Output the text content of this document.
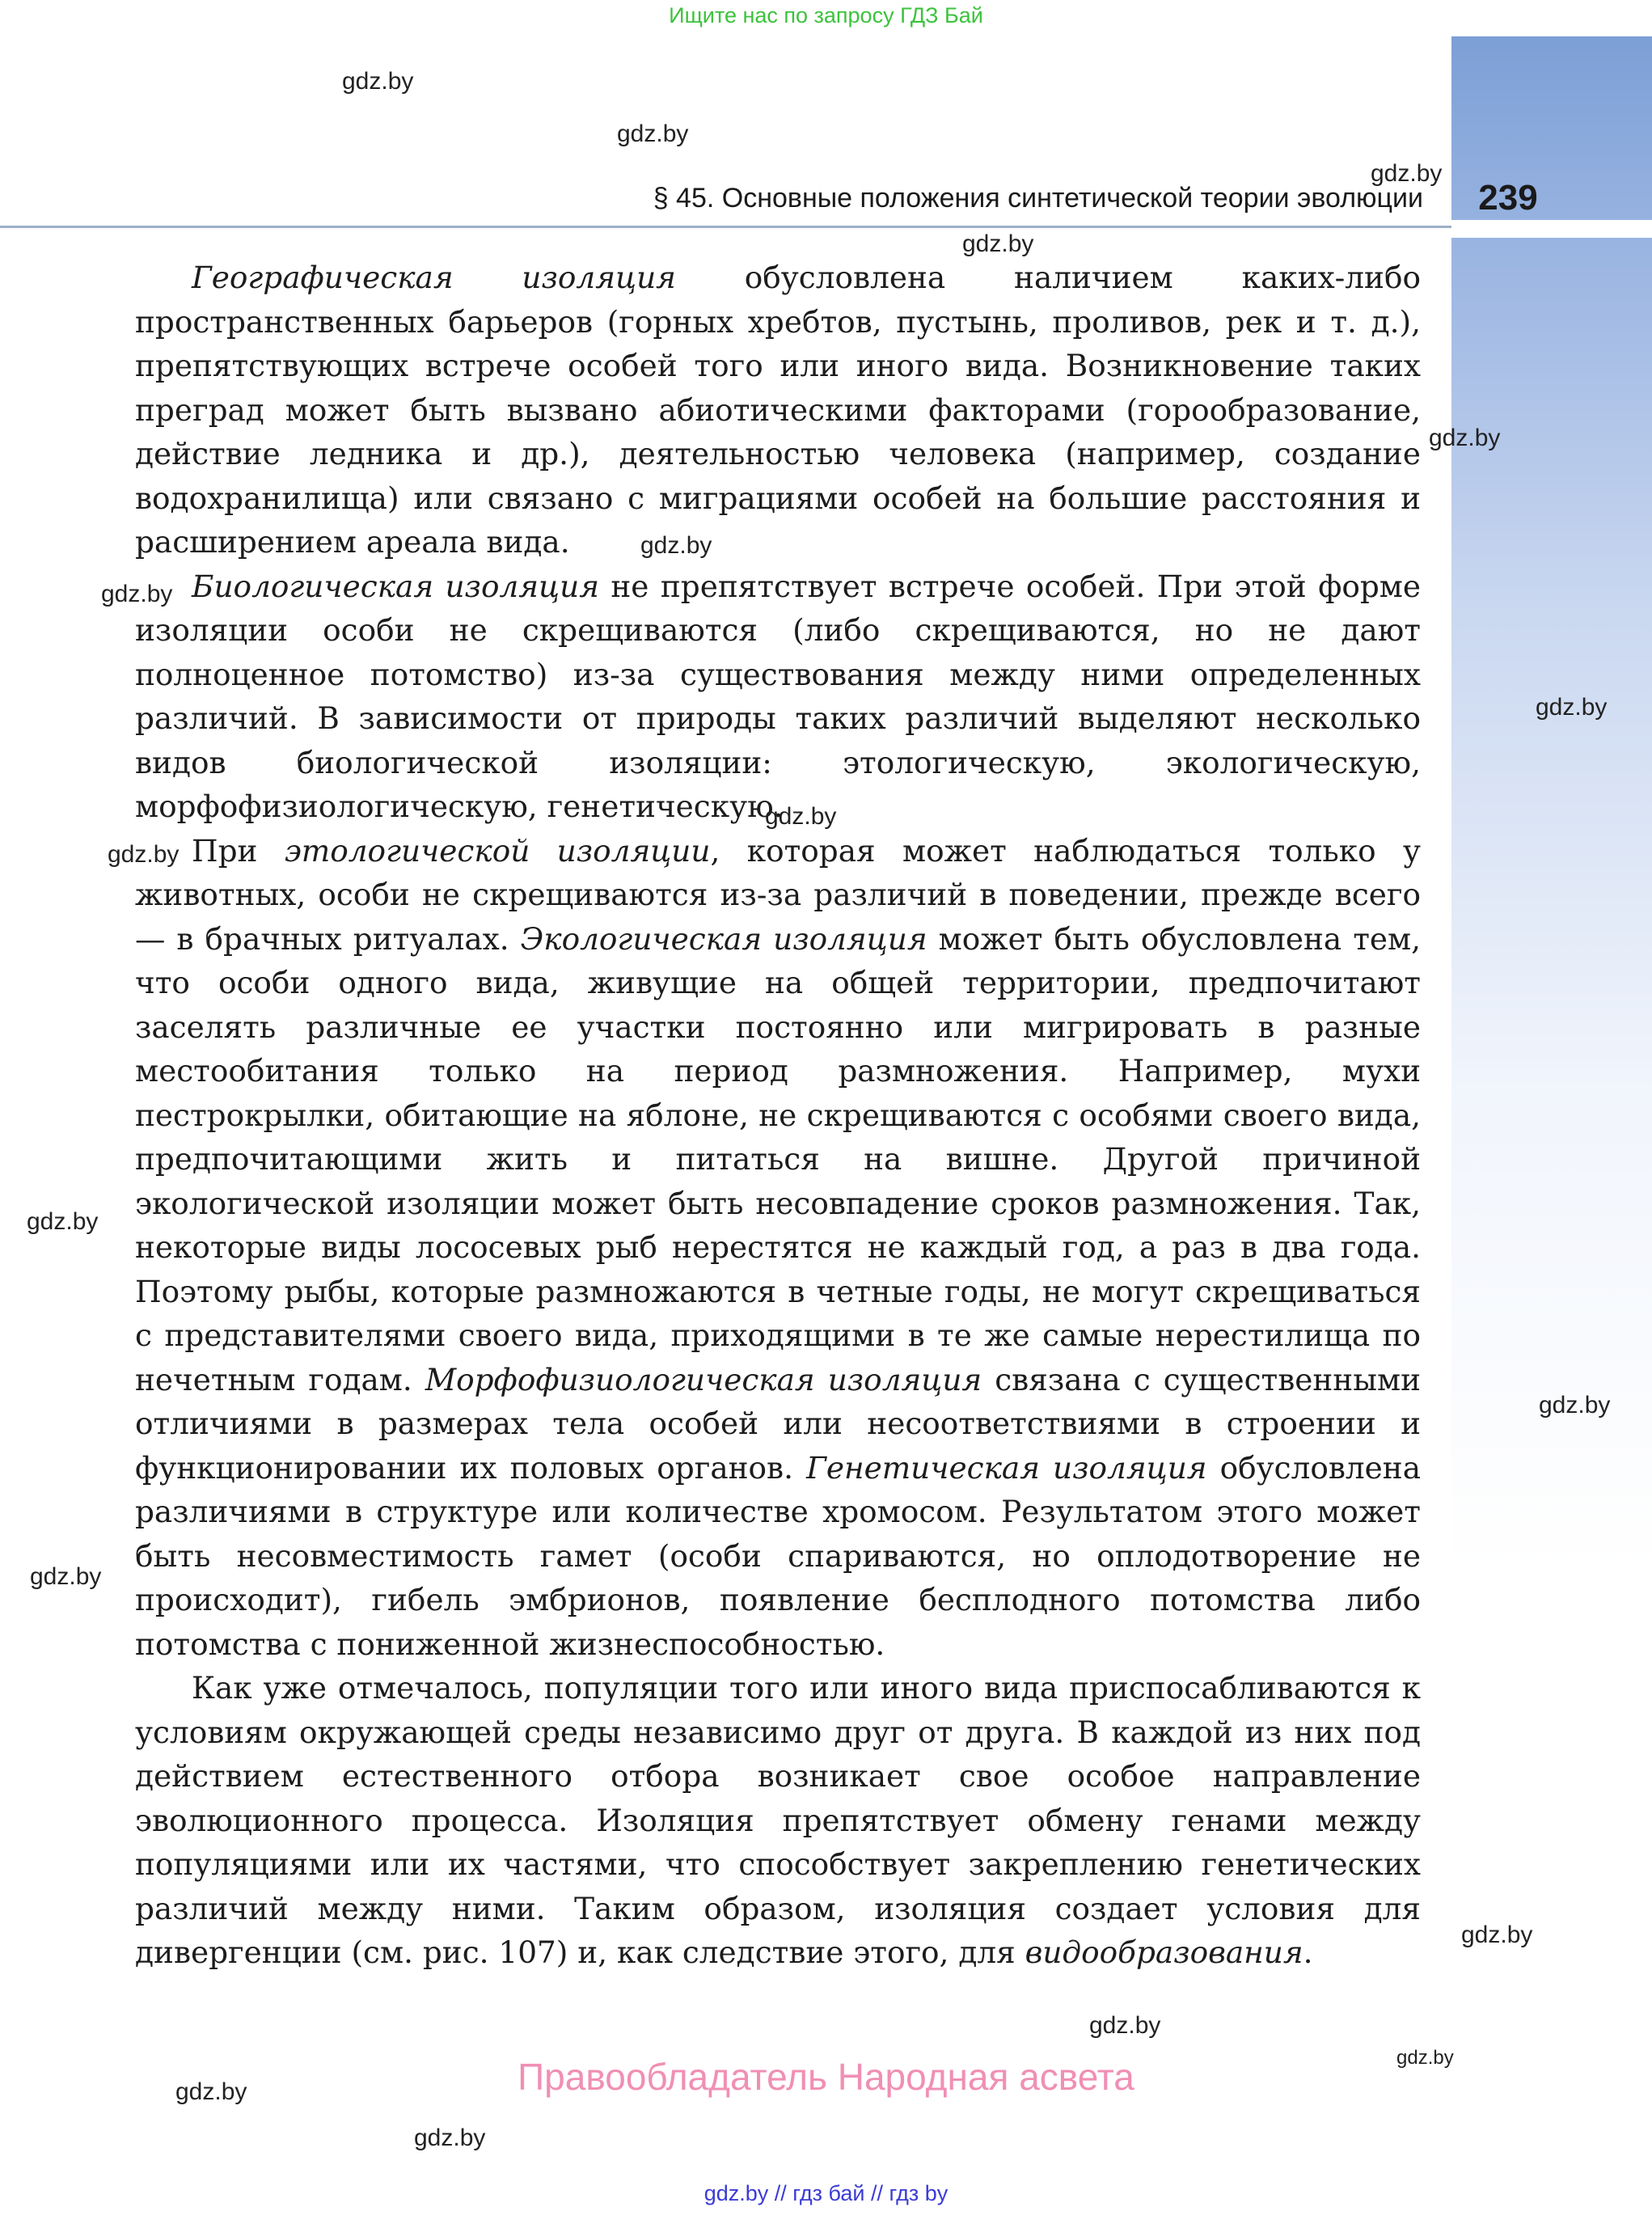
Ищите нас по запросу ГДЗ Бай
239
§ 45. Основные положения синтетической теории эволюции

Географическая изоляция обусловлена наличием каких-либо пространственных барьеров (горных хребтов, пустынь, проливов, рек и т. д.), препятствующих встрече особей того или иного вида. Возникновение таких преград может быть вызвано абиотическими факторами (горообразование, действие ледника и др.), деятельностью человека (например, создание водохранилища) или связано с миграциями особей на большие расстояния и расширением ареала вида.

Биологическая изоляция не препятствует встрече особей. При этой форме изоляции особи не скрещиваются (либо скрещиваются, но не дают полноценное потомство) из-за существования между ними определенных различий. В зависимости от природы таких различий выделяют несколько видов биологической изоляции: этологическую, экологическую, морфофизиологическую, генетическую.

При этологической изоляции, которая может наблюдаться только у животных, особи не скрещиваются из-за различий в поведении, прежде всего — в брачных ритуалах. Экологическая изоляция может быть обусловлена тем, что особи одного вида, живущие на общей территории, предпочитают заселять различные ее участки постоянно или мигрировать в разные местообитания только на период размножения. Например, мухи пестрокрылки, обитающие на яблоне, не скрещиваются с особями своего вида, предпочитающими жить и питаться на вишне. Другой причиной экологической изоляции может быть несовпадение сроков размножения. Так, некоторые виды лососевых рыб нерестятся не каждый год, а раз в два года. Поэтому рыбы, которые размножаются в четные годы, не могут скрещиваться с представителями своего вида, приходящими в те же самые нерестилища по нечетным годам. Морфофизиологическая изоляция связана с существенными отличиями в размерах тела особей или несоответствиями в строении и функционировании их половых органов. Генетическая изоляция обусловлена различиями в структуре или количестве хромосом. Результатом этого может быть несовместимость гамет (особи спариваются, но оплодотворение не происходит), гибель эмбрионов, появление бесплодного потомства либо потомства с пониженной жизнеспособностью.

Как уже отмечалось, популяции того или иного вида приспосабливаются к условиям окружающей среды независимо друг от друга. В каждой из них под действием естественного отбора возникает свое особое направление эволюционного процесса. Изоляция препятствует обмену генами между популяциями или их частями, что способствует закреплению генетических различий между ними. Таким образом, изоляция создает условия для дивергенции (см. рис. 107) и, как следствие этого, для видообразования.

gdz.by
gdz.by
gdz.by
gdz.by
gdz.by
gdz.by
gdz.by
gdz.by
gdz.by
gdz.by
gdz.by
gdz.by
gdz.by
gdz.by
gdz.by
gdz.by
gdz.by
gdz.by
Правообладатель Народная асвета
gdz.by // гдз бай // гдз by
